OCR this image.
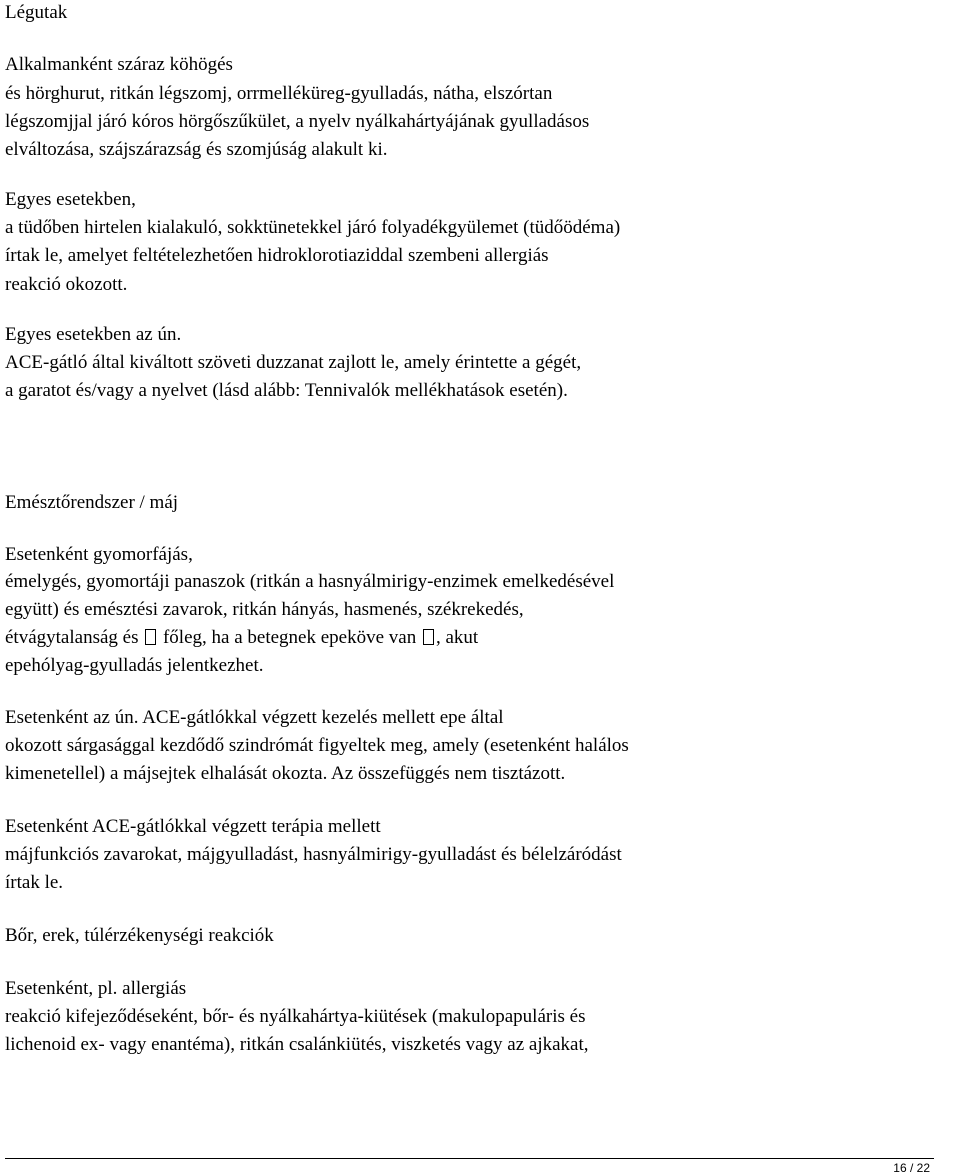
Légutak
Alkalmanként száraz köhögés
és hörghurut, ritkán légszomj, orrmelléküreg-gyulladás, nátha, elszórtan
légszomjjal járó kóros hörgőszűkület, a nyelv nyálkahártyájának gyulladásos
elváltozása, szájszárazság és szomjúság alakult ki.
Egyes esetekben,
a tüdőben hirtelen kialakuló, sokktünetekkel járó folyadékgyülemet (tüdőödéma)
írtak le, amelyet feltételezhetően hidroklorotiaziddal szembeni allergiás
reakció okozott.
Egyes esetekben az ún.
ACE-gátló által kiváltott szöveti duzzanat zajlott le, amely érintette a gégét,
a garatot és/vagy a nyelvet (lásd alább: Tennivalók mellékhatások esetén).
Emésztőrendszer / máj
Esetenként gyomorfájás,
émelygés, gyomortáji panaszok (ritkán a hasnyálmirigy-enzimek emelkedésével
együtt) és emésztési zavarok, ritkán hányás, hasmenés, székrekedés,
étvágytalanság és főleg, ha a betegnek epeköve van , akut
epehólyag-gyulladás jelentkezhet.
Esetenként az ún. ACE-gátlókkal végzett kezelés mellett epe által
okozott sárgasággal kezdődő szindrómát figyeltek meg, amely (esetenként halálos
kimenetellel) a májsejtek elhalását okozta. Az összefüggés nem tisztázott.
Esetenként ACE-gátlókkal végzett terápia mellett
májfunkciós zavarokat, májgyulladást, hasnyálmirigy-gyulladást és bélelzáródást
írtak le.
Bőr, erek, túlérzékenységi reakciók
Esetenként, pl. allergiás
reakció kifejeződéseként, bőr- és nyálkahártya-kiütések (makulopapuláris és
lichenoid ex- vagy enantéma), ritkán csalánkiütés, viszketés vagy az ajkakat,
16 / 22
